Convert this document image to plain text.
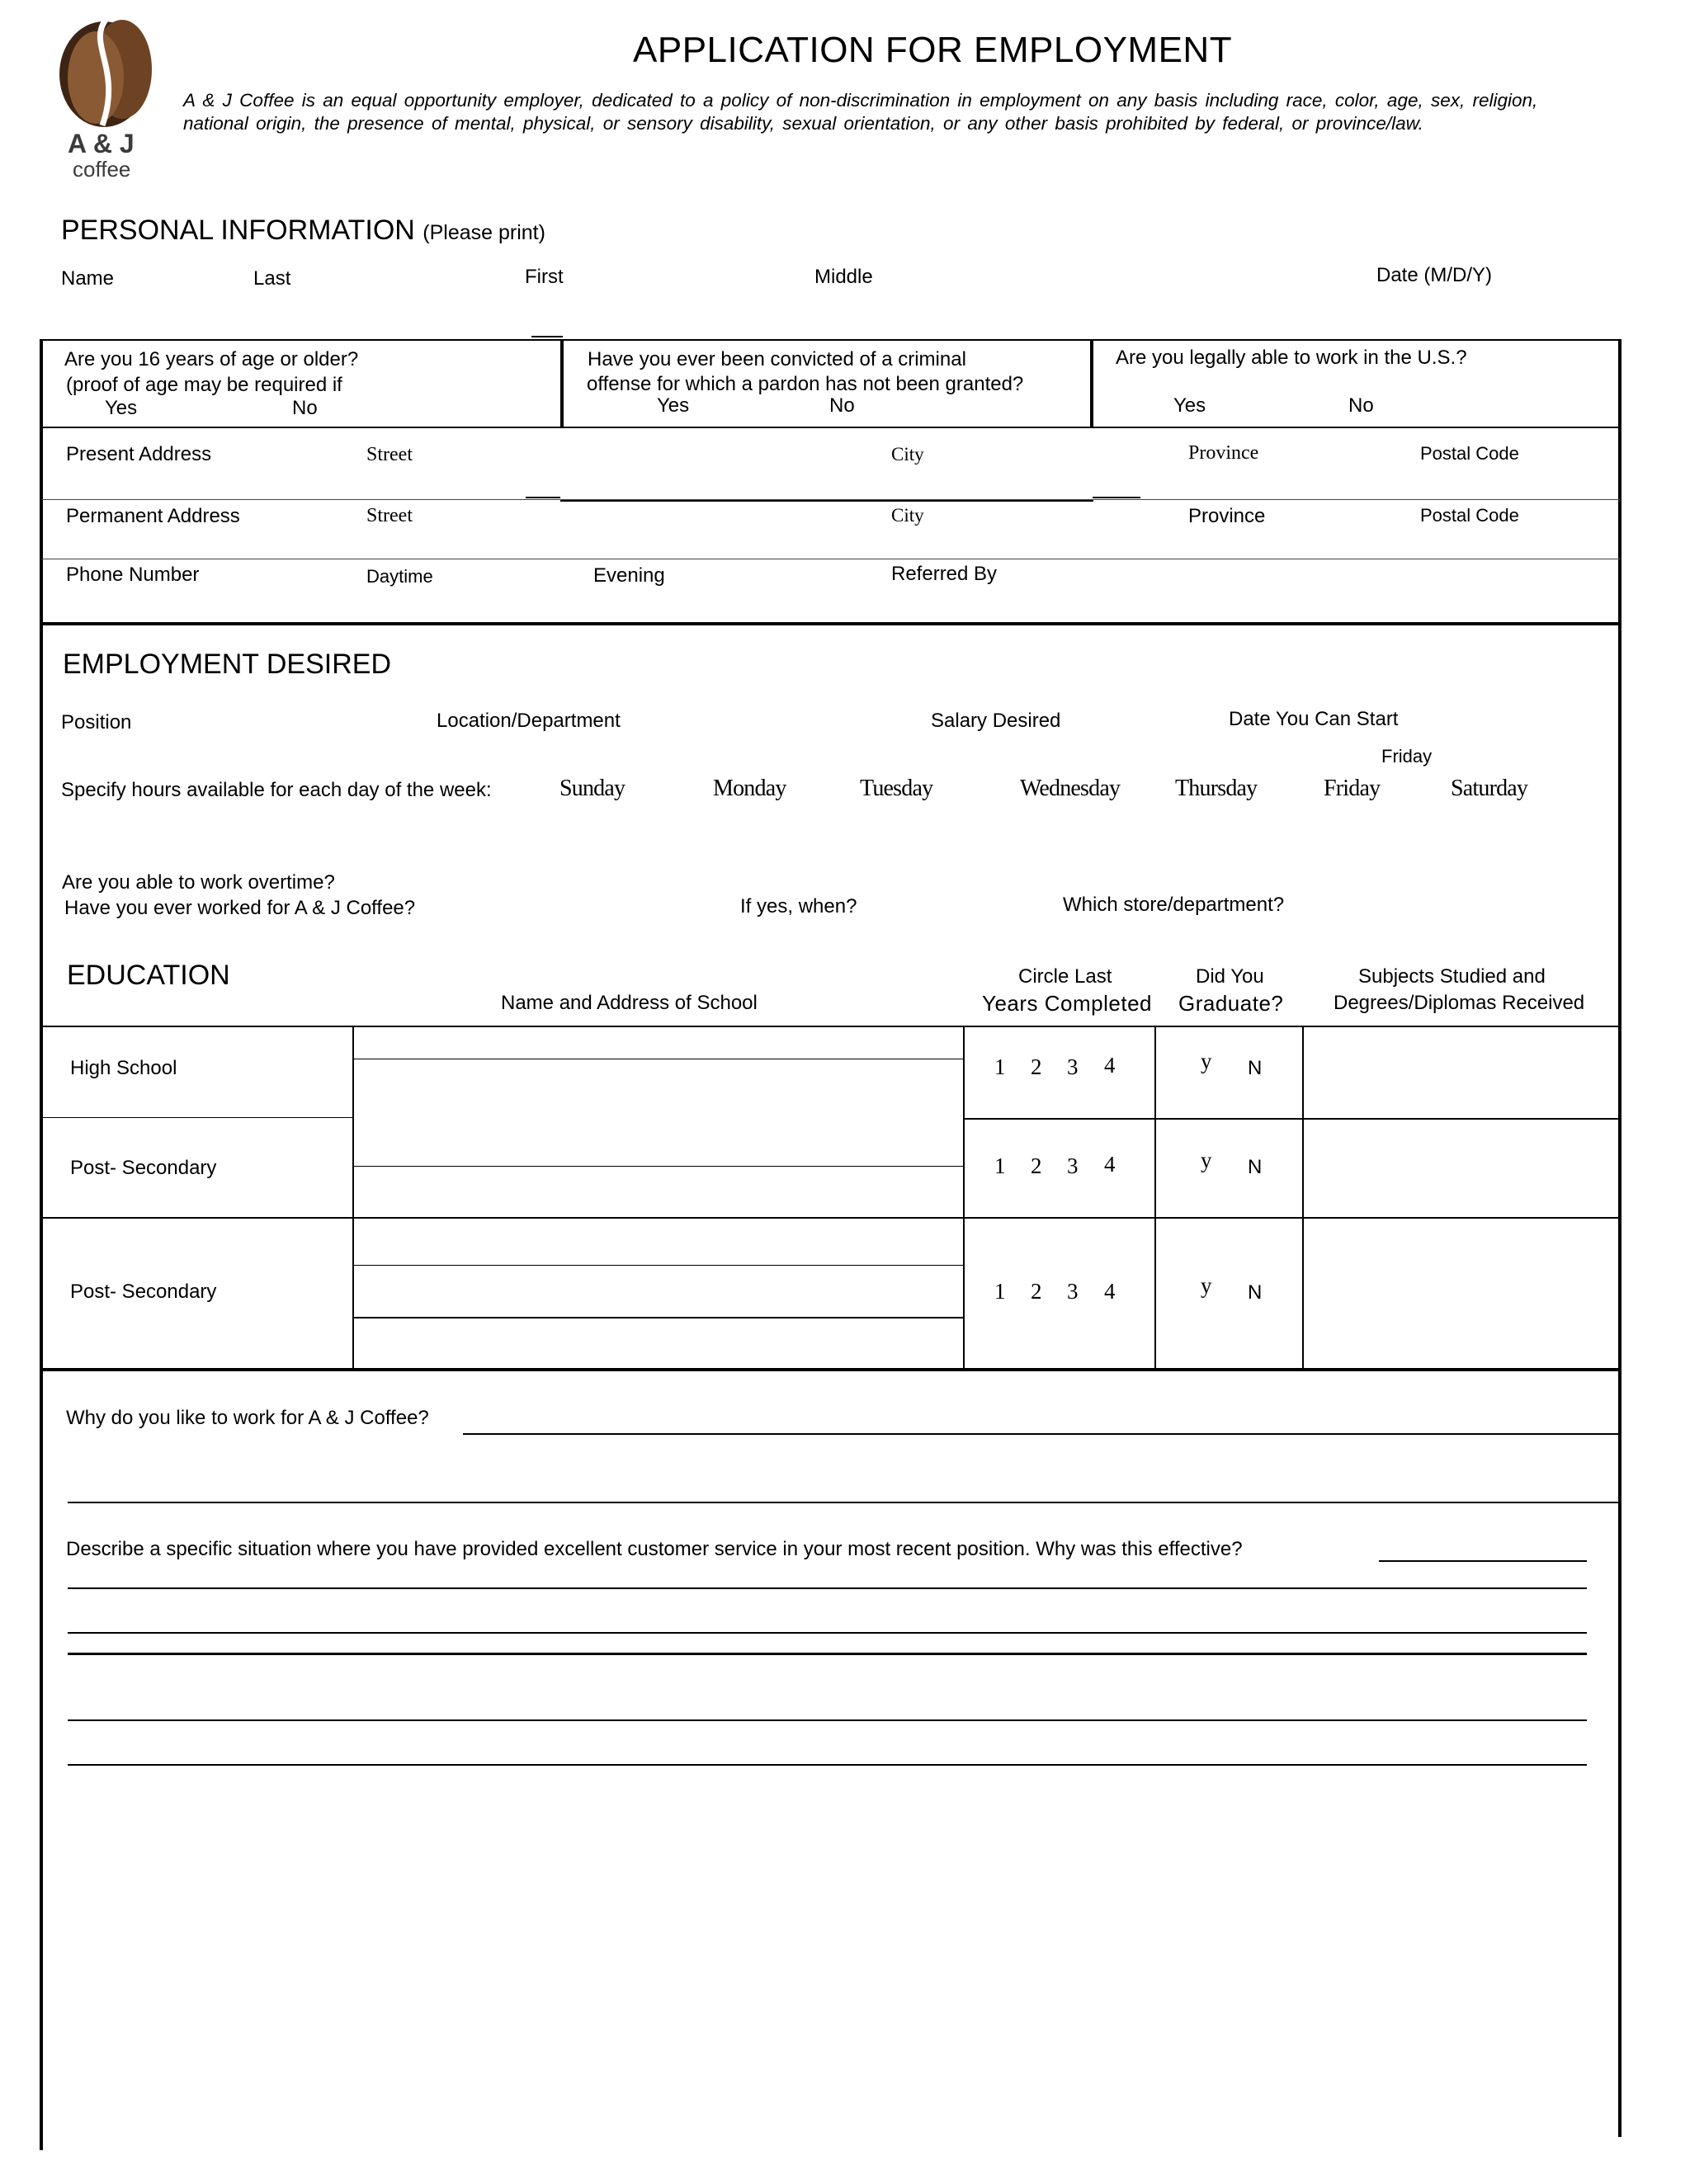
A & J
coffee
APPLICATION FOR EMPLOYMENT
A & J Coffee is an equal opportunity employer, dedicated to a policy of non-discrimination in employment on any basis including race, color, age, sex, religion, national origin, the presence of mental, physical, or sensory disability, sexual orientation, or any other basis prohibited by federal, or province/law.
PERSONAL INFORMATION (Please print)
Name	Last	First	Middle	Date (M/D/Y)
Are you 16 years of age or older?
(proof of age may be required if
Yes	No
Have you ever been convicted of a criminal
offense for which a pardon has not been granted?
Yes	No
Are you legally able to work in the U.S.?
Yes	No
Present Address	Street	City	Province	Postal Code
Permanent Address	Street	City	Province	Postal Code
Phone Number	Daytime	Evening	Referred By
EMPLOYMENT DESIRED
Position	Location/Department	Salary Desired	Date You Can Start
Friday
Specify hours available for each day of the week:	Sunday	Monday	Tuesday	Wednesday Thursday	Friday	Saturday
Are you able to work overtime?
Have you ever worked for A & J Coffee?	If yes, when?	Which store/department?
EDUCATION
Name and Address of School
Circle Last
Years Completed
Did You
Graduate?
Subjects Studied and
Degrees/Diplomas Received
High School	1 2 3 4	y N
Post- Secondary	1 2 3 4	y N
Post- Secondary	1 2 3 4	y N
Why do you like to work for A & J Coffee?
Describe a specific situation where you have provided excellent customer service in your most recent position. Why was this effective?
